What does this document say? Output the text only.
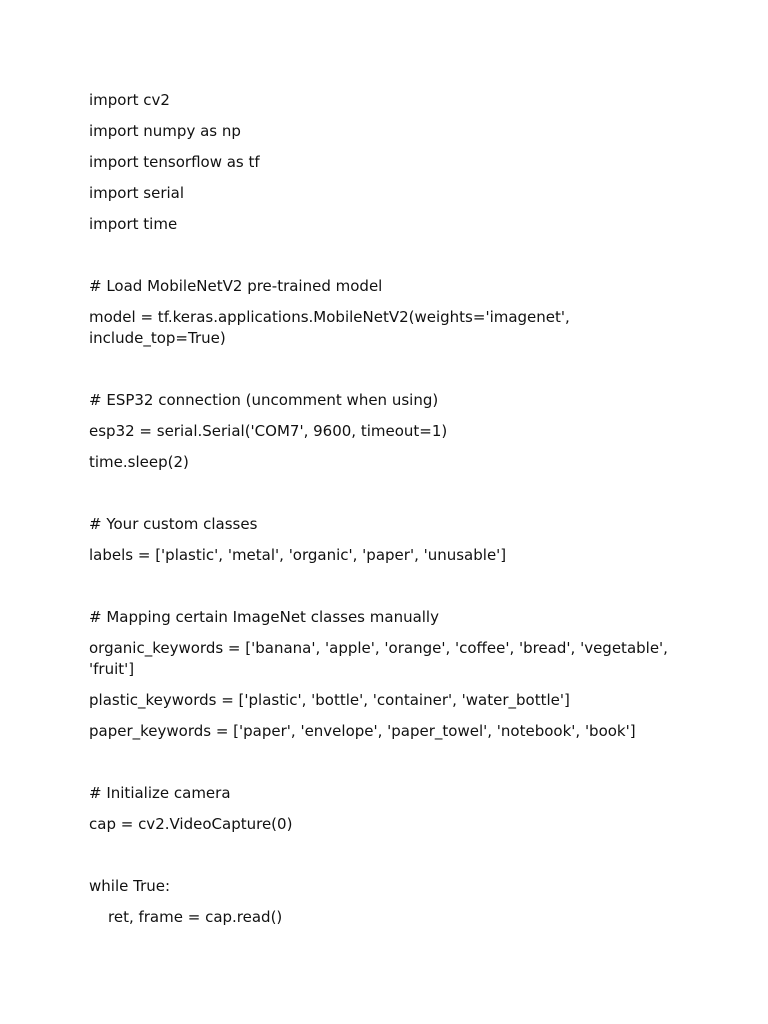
import cv2
import numpy as np
import tensorflow as tf
import serial
import time
# Load MobileNetV2 pre-trained model
model = tf.keras.applications.MobileNetV2(weights='imagenet', include_top=True)
# ESP32 connection (uncomment when using)
esp32 = serial.Serial('COM7', 9600, timeout=1)
time.sleep(2)
# Your custom classes
labels = ['plastic', 'metal', 'organic', 'paper', 'unusable']
# Mapping certain ImageNet classes manually
organic_keywords = ['banana', 'apple', 'orange', 'coffee', 'bread', 'vegetable', 'fruit']
plastic_keywords = ['plastic', 'bottle', 'container', 'water_bottle']
paper_keywords = ['paper', 'envelope', 'paper_towel', 'notebook', 'book']
# Initialize camera
cap = cv2.VideoCapture(0)
while True:
ret, frame = cap.read()
